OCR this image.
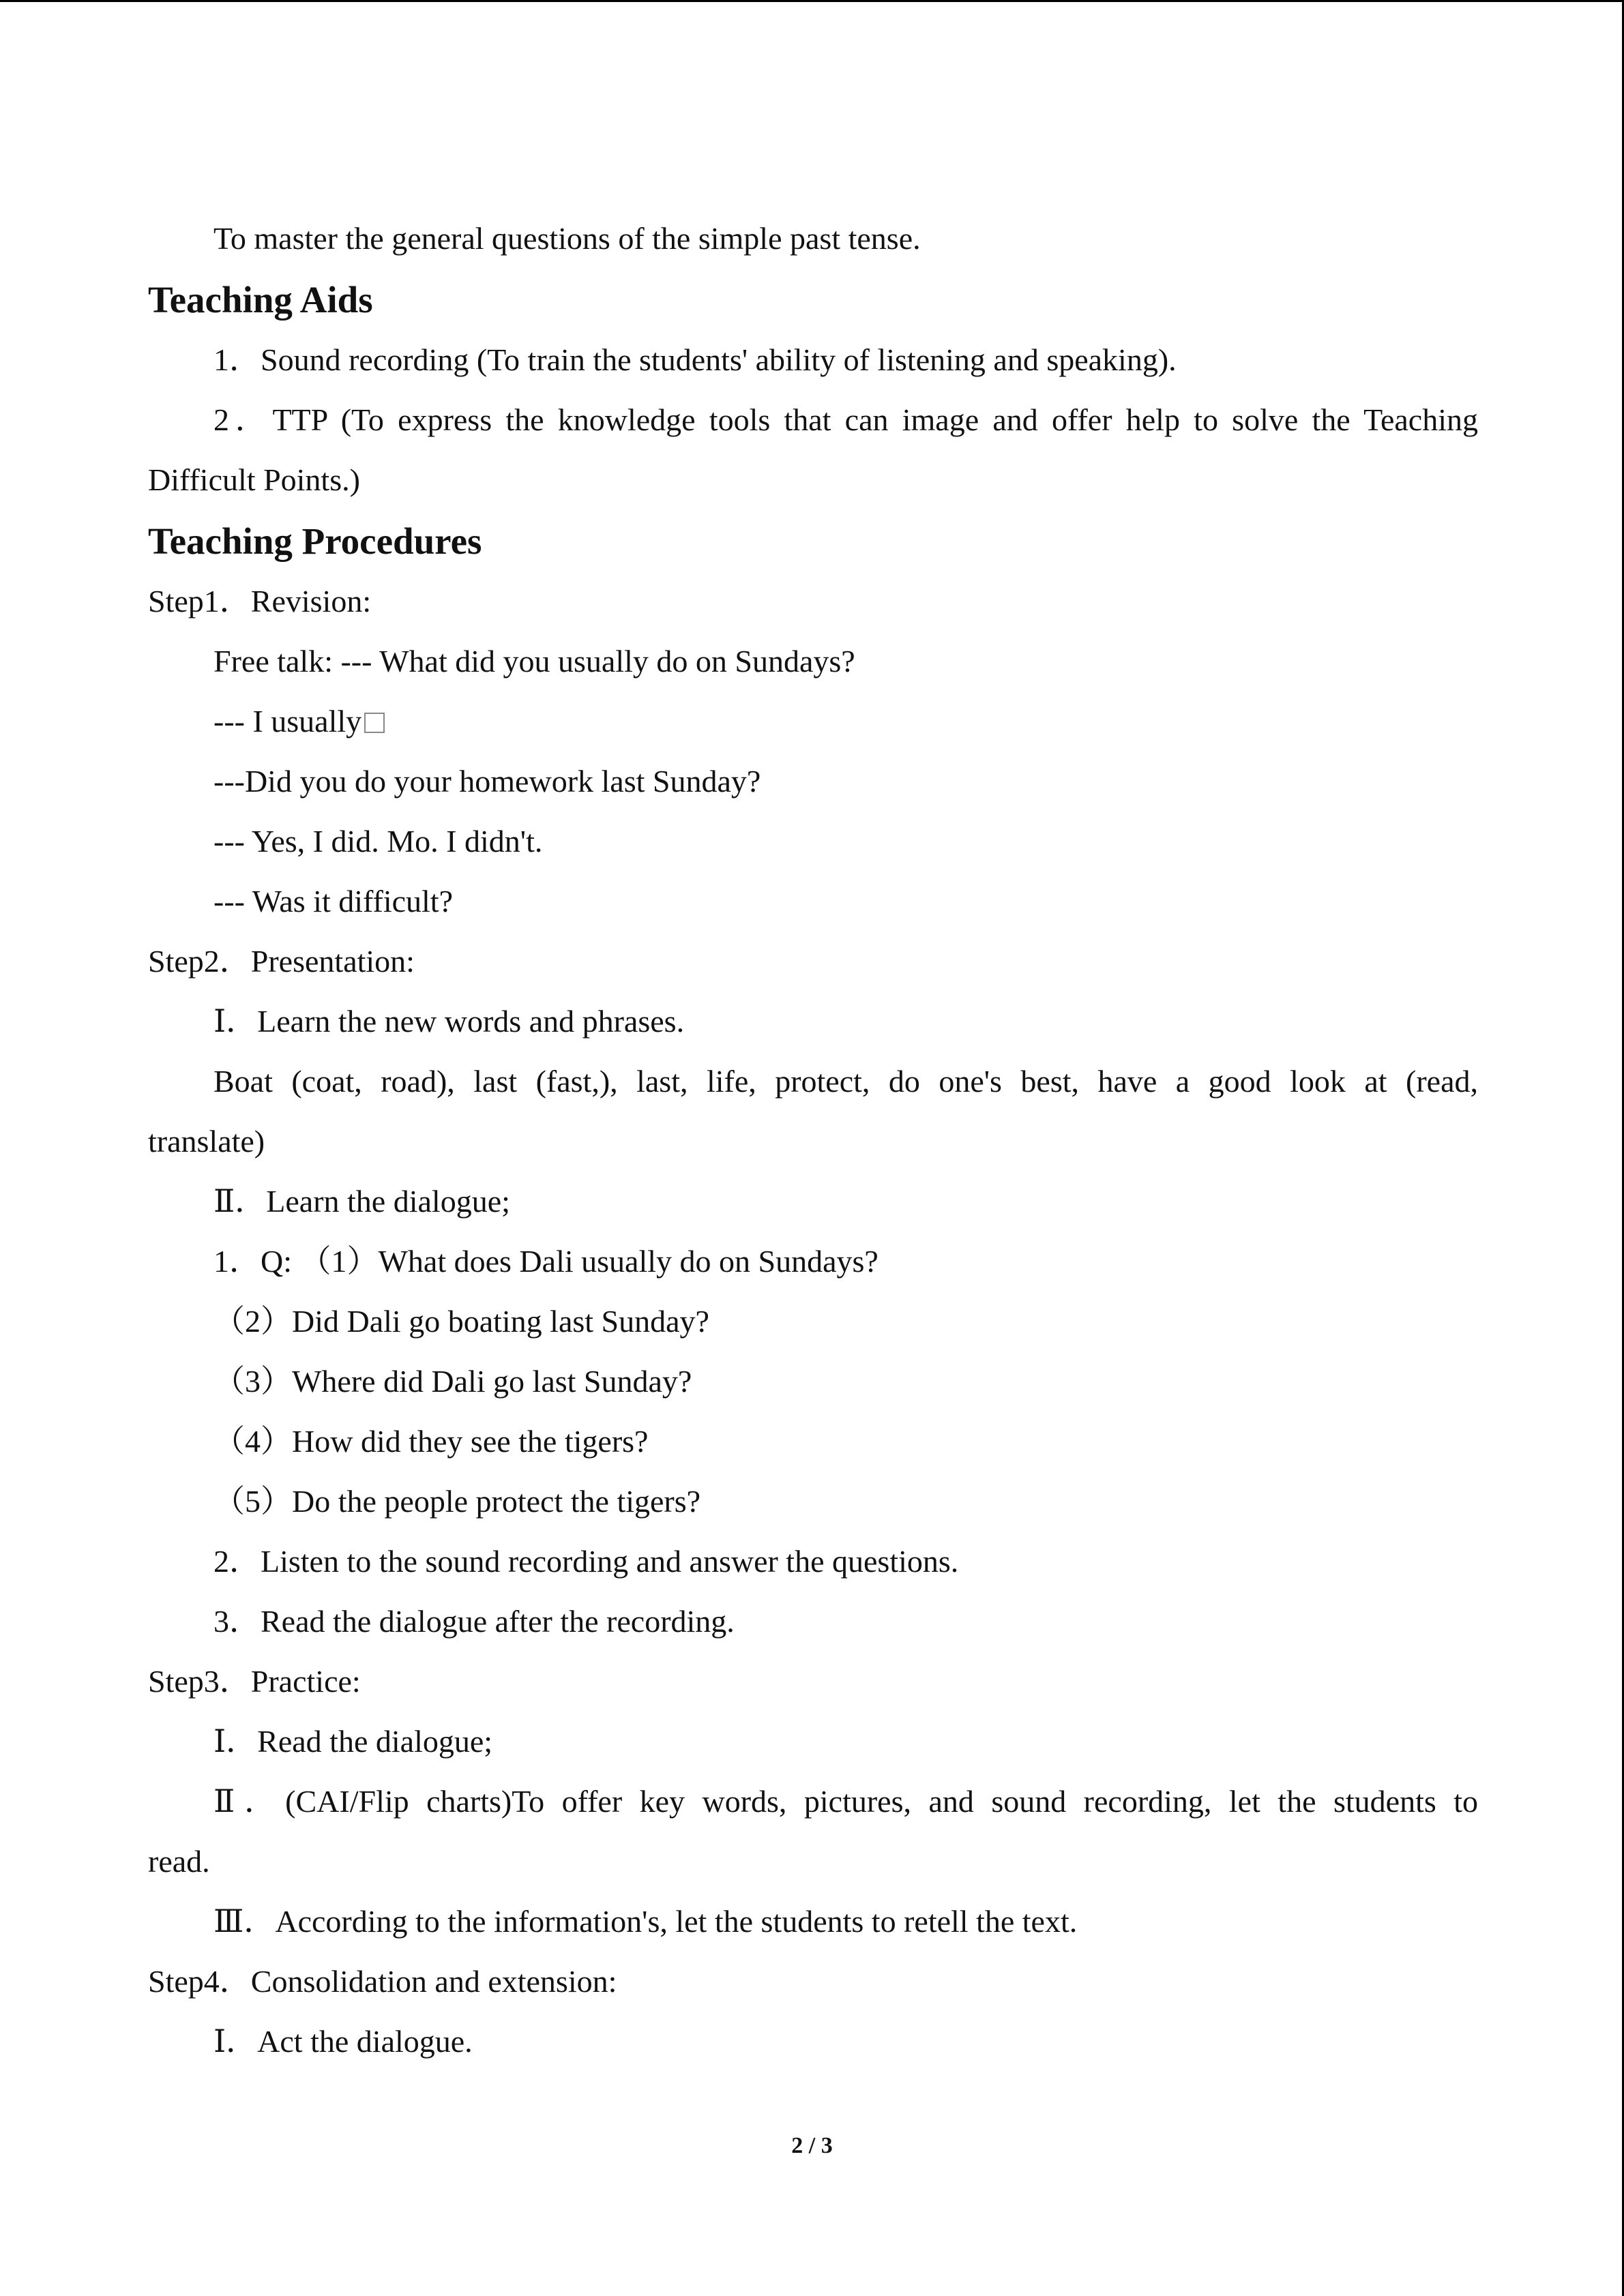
To master the general questions of the simple past tense.
Teaching Aids
1．Sound recording (To train the students' ability of listening and speaking).
2．TTP (To express the knowledge tools that can image and offer help to solve the Teaching
Difficult Points.)
Teaching Procedures
Step1．Revision:
Free talk: --- What did you usually do on Sundays?
--- I usually
---Did you do your homework last Sunday?
--- Yes, I did. Mo. I didn't.
--- Was it difficult?
Step2．Presentation:
Ⅰ．Learn the new words and phrases.
Boat (coat, road), last (fast,), last, life, protect, do one's best, have a good look at (read,
translate)
Ⅱ．Learn the dialogue;
1．Q: （1）What does Dali usually do on Sundays?
（2）Did Dali go boating last Sunday?
（3）Where did Dali go last Sunday?
（4）How did they see the tigers?
（5）Do the people protect the tigers?
2．Listen to the sound recording and answer the questions.
3．Read the dialogue after the recording.
Step3．Practice:
Ⅰ．Read the dialogue;
Ⅱ．(CAI/Flip charts)To offer key words, pictures, and sound recording, let the students to
read.
Ⅲ．According to the information's, let the students to retell the text.
Step4．Consolidation and extension:
Ⅰ．Act the dialogue.
2 / 3
